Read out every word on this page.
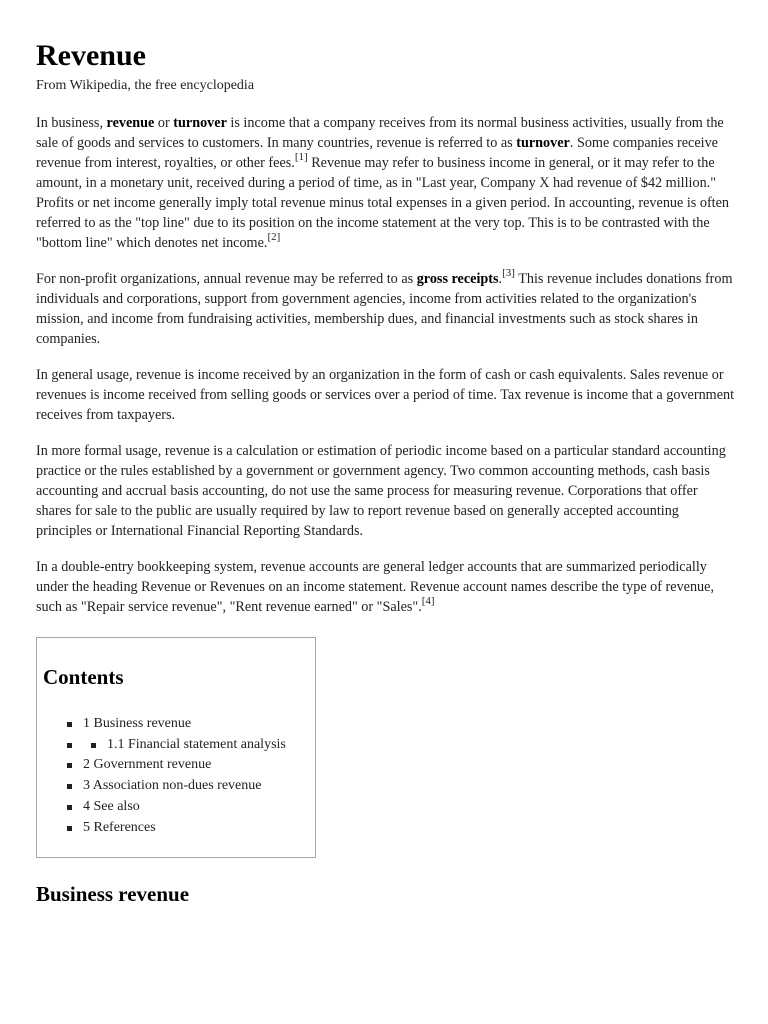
Revenue

From Wikipedia, the free encyclopedia

In business, revenue or turnover is income that a company receives from its normal business activities, usually from the sale of goods and services to customers. In many countries, revenue is referred to as turnover. Some companies receive revenue from interest, royalties, or other fees.[1] Revenue may refer to business income in general, or it may refer to the amount, in a monetary unit, received during a period of time, as in "Last year, Company X had revenue of $42 million." Profits or net income generally imply total revenue minus total expenses in a given period. In accounting, revenue is often referred to as the "top line" due to its position on the income statement at the very top. This is to be contrasted with the "bottom line" which denotes net income.[2]

For non-profit organizations, annual revenue may be referred to as gross receipts.[3] This revenue includes donations from individuals and corporations, support from government agencies, income from activities related to the organization's mission, and income from fundraising activities, membership dues, and financial investments such as stock shares in companies.

In general usage, revenue is income received by an organization in the form of cash or cash equivalents. Sales revenue or revenues is income received from selling goods or services over a period of time. Tax revenue is income that a government receives from taxpayers.

In more formal usage, revenue is a calculation or estimation of periodic income based on a particular standard accounting practice or the rules established by a government or government agency. Two common accounting methods, cash basis accounting and accrual basis accounting, do not use the same process for measuring revenue. Corporations that offer shares for sale to the public are usually required by law to report revenue based on generally accepted accounting principles or International Financial Reporting Standards.

In a double-entry bookkeeping system, revenue accounts are general ledger accounts that are summarized periodically under the heading Revenue or Revenues on an income statement. Revenue account names describe the type of revenue, such as "Repair service revenue", "Rent revenue earned" or "Sales".[4]

Contents
1 Business revenue
1.1 Financial statement analysis
2 Government revenue
3 Association non-dues revenue
4 See also
5 References
Business revenue
